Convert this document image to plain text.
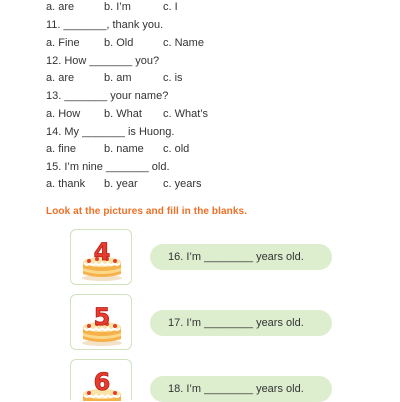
a. are	b. I’m	c. I
11. _______, thank you.
a. Fine b. Old	c. Name
12. How _______ you?
a. are	b. am	c. is
13. _______ your name?
a. How b. What c. What’s
14. My _______ is Huong.
a. fine	b. name c. old
15. I’m nine _______ old.
a. thank b. year c. years
Look at the pictures and fill in the blanks.
4	16. I’m ________ years old.
5	17. I’m ________ years old.
6	18. I’m ________ years old.
